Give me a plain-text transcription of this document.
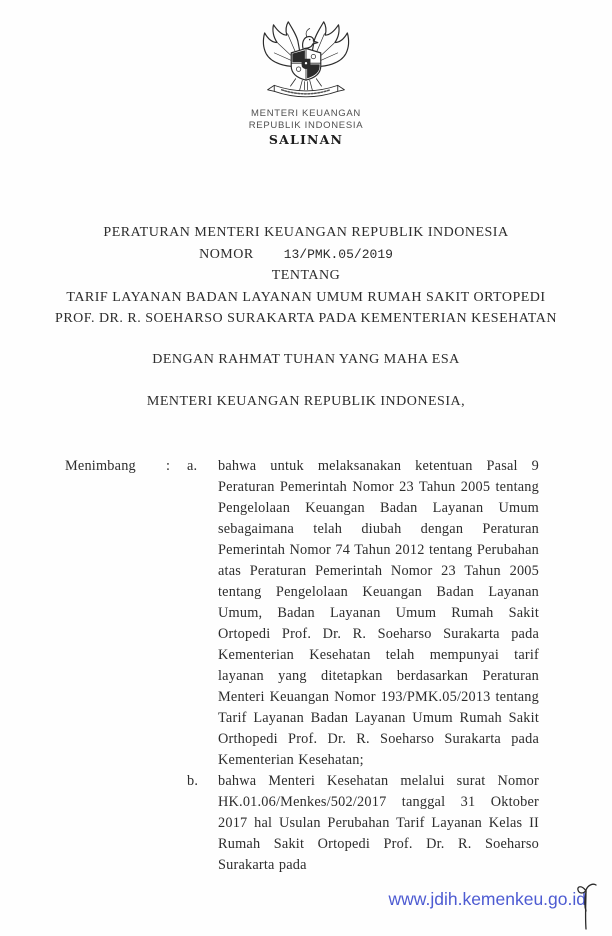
MENTERI KEUANGAN
REPUBLIK INDONESIA
SALINAN
PERATURAN MENTERI KEUANGAN REPUBLIK INDONESIA
NOMOR 13/PMK.05/2019
TENTANG
TARIF LAYANAN BADAN LAYANAN UMUM RUMAH SAKIT ORTOPEDI
PROF. DR. R. SOEHARSO SURAKARTA PADA KEMENTERIAN KESEHATAN
DENGAN RAHMAT TUHAN YANG MAHA ESA
MENTERI KEUANGAN REPUBLIK INDONESIA,
Menimbang	:	a.	bahwa untuk melaksanakan ketentuan Pasal 9 Peraturan Pemerintah Nomor 23 Tahun 2005 tentang Pengelolaan Keuangan Badan Layanan Umum sebagaimana telah diubah dengan Peraturan Pemerintah Nomor 74 Tahun 2012 tentang Perubahan atas Peraturan Pemerintah Nomor 23 Tahun 2005 tentang Pengelolaan Keuangan Badan Layanan Umum, Badan Layanan Umum Rumah Sakit Ortopedi Prof. Dr. R. Soeharso Surakarta pada Kementerian Kesehatan telah mempunyai tarif layanan yang ditetapkan berdasarkan Peraturan Menteri Keuangan Nomor 193/PMK.05/2013 tentang Tarif Layanan Badan Layanan Umum Rumah Sakit Orthopedi Prof. Dr. R. Soeharso Surakarta pada Kementerian Kesehatan;
b.	bahwa Menteri Kesehatan melalui surat Nomor HK.01.06/Menkes/502/2017 tanggal 31 Oktober 2017 hal Usulan Perubahan Tarif Layanan Kelas II Rumah Sakit Ortopedi Prof. Dr. R. Soeharso Surakarta pada
www.jdih.kemenkeu.go.id
